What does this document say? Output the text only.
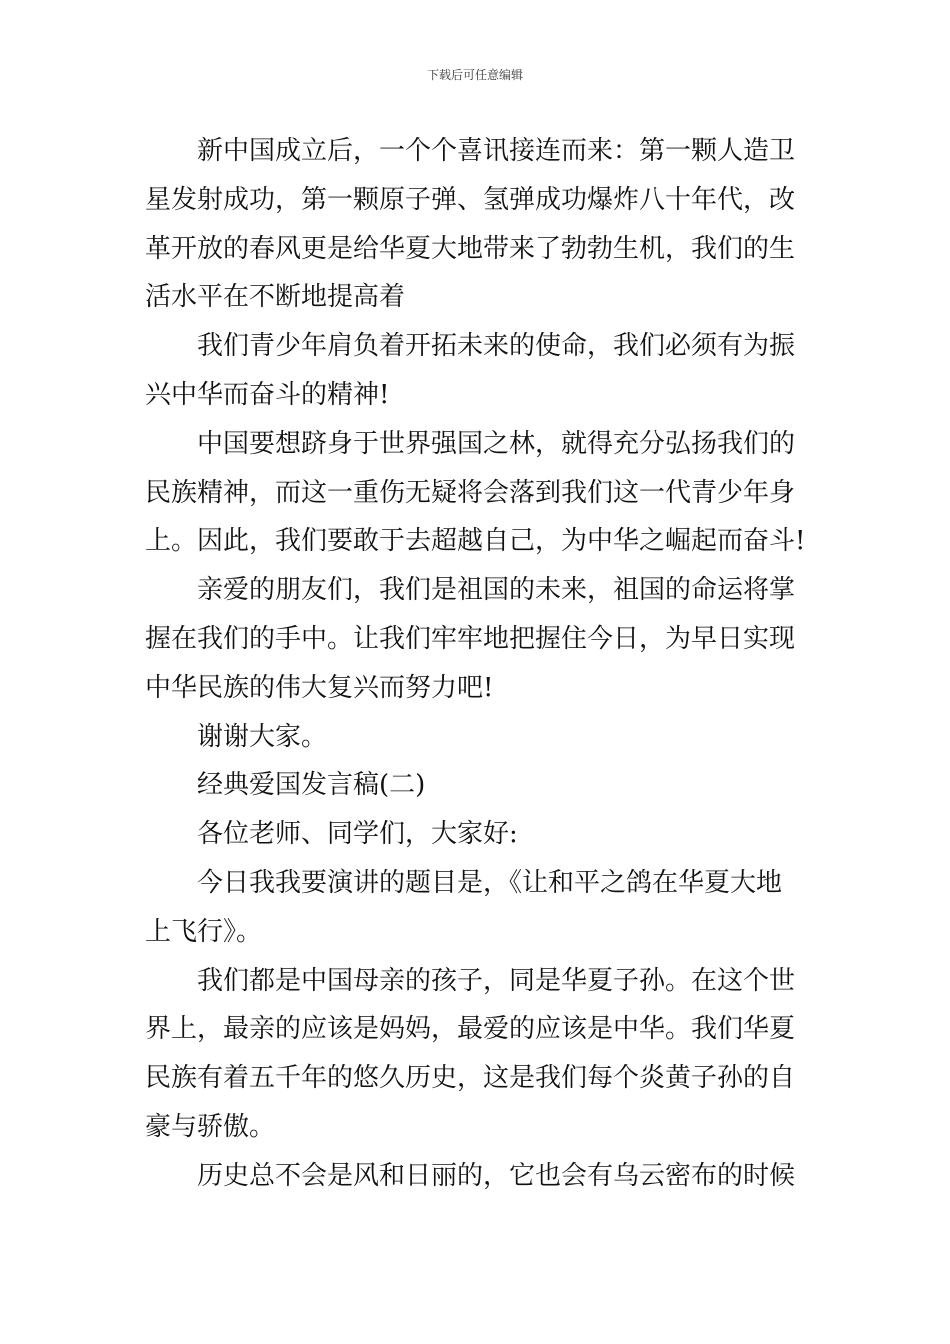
下载后可任意编辑

新中国成立后，一个个喜讯接连而来：第一颗人造卫
星发射成功，第一颗原子弹、氢弹成功爆炸八十年代，改
革开放的春风更是给华夏大地带来了勃勃生机，我们的生
活水平在不断地提高着

我们青少年肩负着开拓未来的使命，我们必须有为振
兴中华而奋斗的精神!

中国要想跻身于世界强国之林，就得充分弘扬我们的
民族精神，而这一重伤无疑将会落到我们这一代青少年身
上。因此，我们要敢于去超越自己，为中华之崛起而奋斗!

亲爱的朋友们，我们是祖国的未来，祖国的命运将掌
握在我们的手中。让我们牢牢地把握住今日，为早日实现
中华民族的伟大复兴而努力吧!

谢谢大家。

经典爱国发言稿(二)

各位老师、同学们，大家好:

今日我我要演讲的题目是，《让和平之鸽在华夏大地
上飞行》。

我们都是中国母亲的孩子，同是华夏子孙。在这个世
界上，最亲的应该是妈妈，最爱的应该是中华。我们华夏
民族有着五千年的悠久历史，这是我们每个炎黄子孙的自
豪与骄傲。

历史总不会是风和日丽的，它也会有乌云密布的时候
